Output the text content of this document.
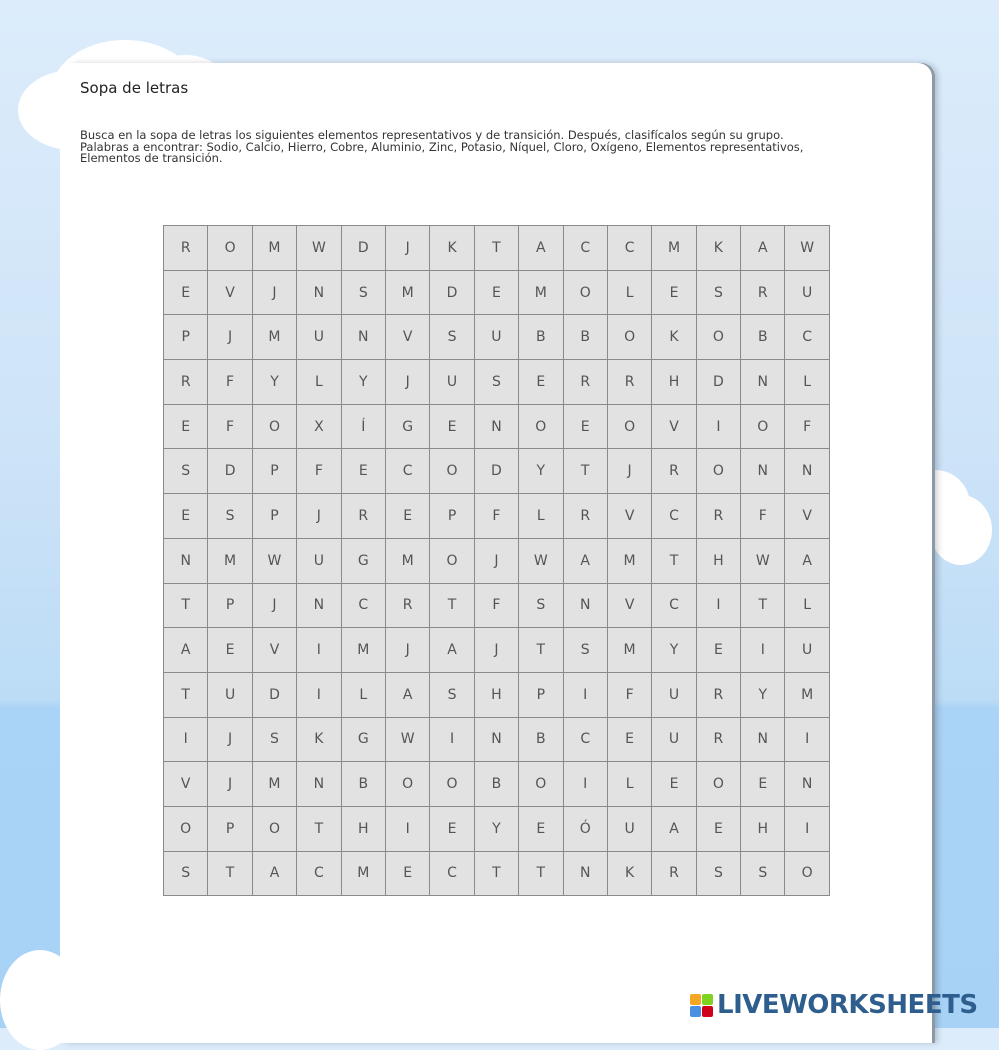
Sopa de letras
Busca en la sopa de letras los siguientes elementos representativos y de transición. Después, clasifícalos según su grupo.
Palabras a encontrar: Sodio, Calcio, Hierro, Cobre, Aluminio, Zinc, Potasio, Níquel, Cloro, Oxígeno, Elementos representativos,
Elementos de transición.
R	O	M	W	D	J	K	T	A	C	C	M	K	A	W
E	V	J	N	S	M	D	E	M	O	L	E	S	R	U
P	J	M	U	N	V	S	U	B	B	O	K	O	B	C
R	F	Y	L	Y	J	U	S	E	R	R	H	D	N	L
E	F	O	X	Í	G	E	N	O	E	O	V	I	O	F
S	D	P	F	E	C	O	D	Y	T	J	R	O	N	N
E	S	P	J	R	E	P	F	L	R	V	C	R	F	V
N	M	W	U	G	M	O	J	W	A	M	T	H	W	A
T	P	J	N	C	R	T	F	S	N	V	C	I	T	L
A	E	V	I	M	J	A	J	T	S	M	Y	E	I	U
T	U	D	I	L	A	S	H	P	I	F	U	R	Y	M
I	J	S	K	G	W	I	N	B	C	E	U	R	N	I
V	J	M	N	B	O	O	B	O	I	L	E	O	E	N
O	P	O	T	H	I	E	Y	E	Ó	U	A	E	H	I
S	T	A	C	M	E	C	T	T	N	K	R	S	S	O
LIVEWORKSHEETS
